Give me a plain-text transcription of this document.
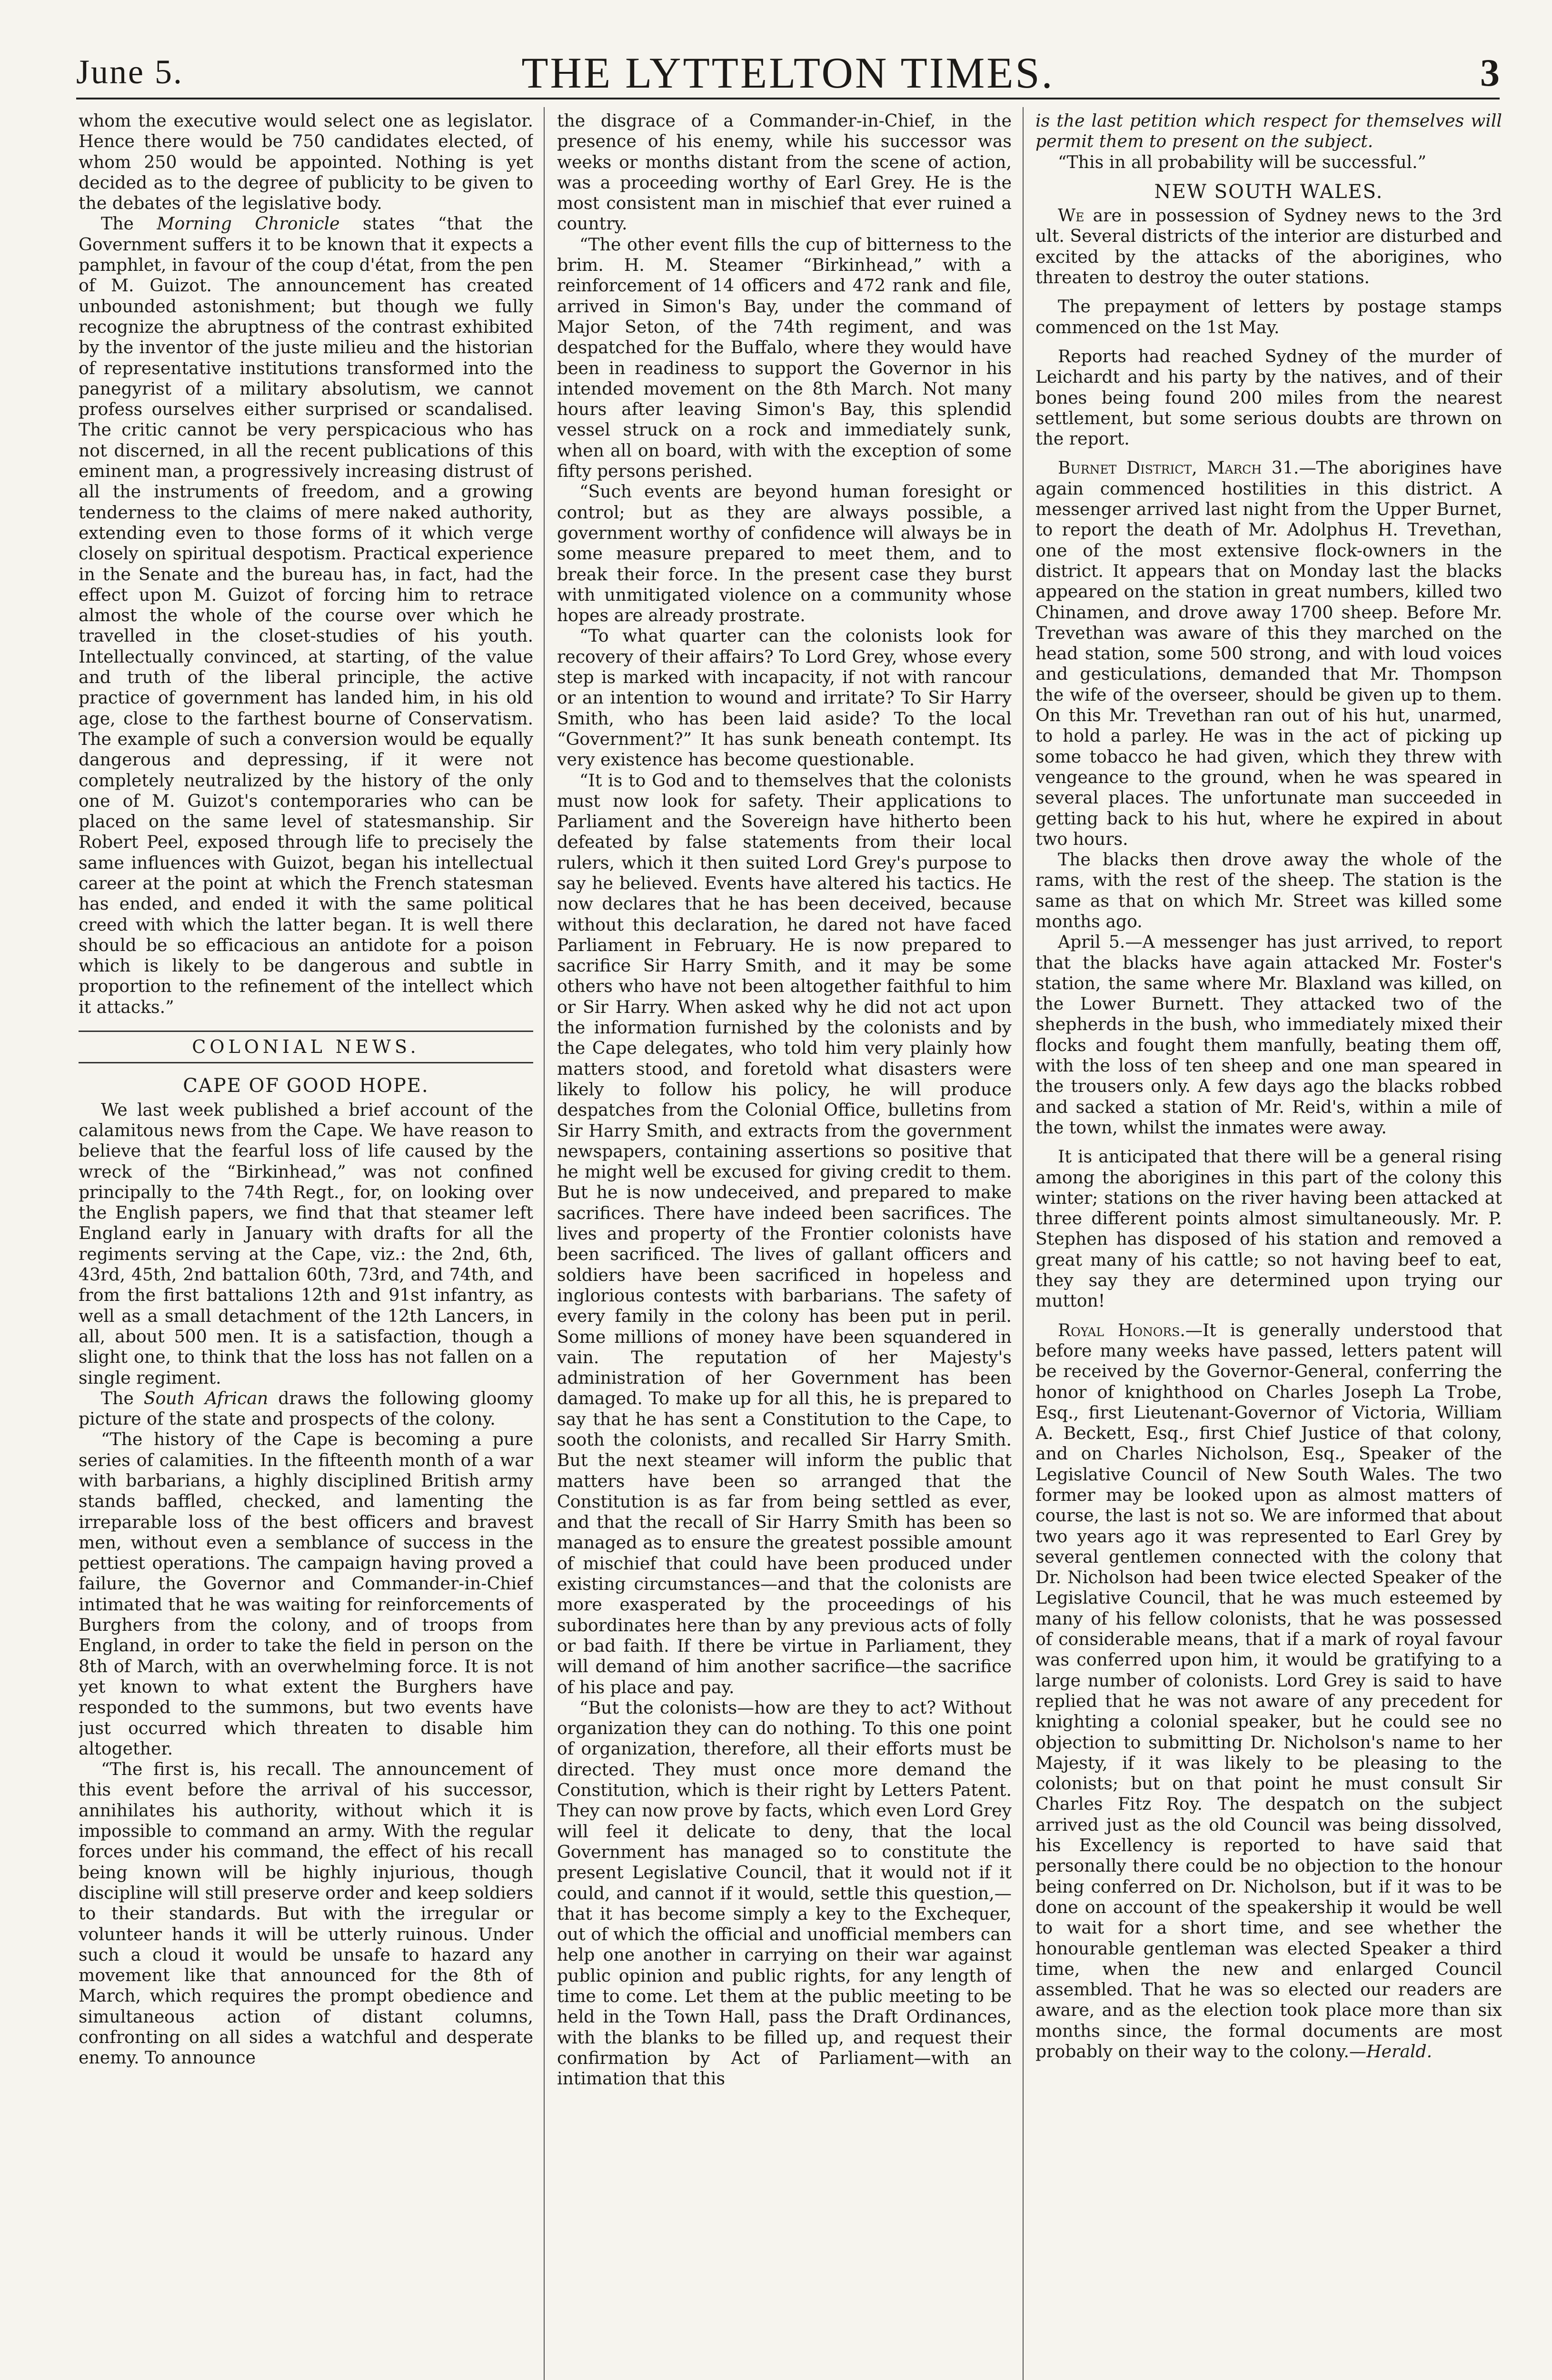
June 5.	THE LYTTELTON TIMES.	3

whom the executive would select one as legislator. Hence there would be 750 candidates elected, of whom 250 would be appointed. Nothing is yet decided as to the degree of publicity to be given to the debates of the legislative body.

The Morning Chronicle states “that the Government suffers it to be known that it expects a pamphlet, in favour of the coup d'état, from the pen of M. Guizot. The announcement has created unbounded astonishment; but though we fully recognize the abruptness of the contrast exhibited by the inventor of the juste milieu and the historian of representative institutions transformed into the panegyrist of a military absolutism, we cannot profess ourselves either surprised or scandalised. The critic cannot be very perspicacious who has not discerned, in all the recent publications of this eminent man, a progressively increasing distrust of all the instruments of freedom, and a growing tenderness to the claims of mere naked authority, extending even to those forms of it which verge closely on spiritual despotism. Practical experience in the Senate and the bureau has, in fact, had the effect upon M. Guizot of forcing him to retrace almost the whole of the course over which he travelled in the closet-studies of his youth. Intellectually convinced, at starting, of the value and truth of the liberal principle, the active practice of government has landed him, in his old age, close to the farthest bourne of Conservatism. The example of such a conversion would be equally dangerous and depressing, if it were not completely neutralized by the history of the only one of M. Guizot's contemporaries who can be placed on the same level of statesmanship. Sir Robert Peel, exposed through life to precisely the same influences with Guizot, began his intellectual career at the point at which the French statesman has ended, and ended it with the same political creed with which the latter began. It is well there should be so efficacious an antidote for a poison which is likely to be dangerous and subtle in proportion to the refinement of the intellect which it attacks.”

COLONIAL NEWS.
CAPE OF GOOD HOPE.

We last week published a brief account of the calamitous news from the Cape. We have reason to believe that the fearful loss of life caused by the wreck of the “Birkinhead,” was not confined principally to the 74th Regt., for, on looking over the English papers, we find that that steamer left England early in January with drafts for all the regiments serving at the Cape, viz.: the 2nd, 6th, 43rd, 45th, 2nd battalion 60th, 73rd, and 74th, and from the first battalions 12th and 91st infantry, as well as a small detachment of the 12th Lancers, in all, about 500 men. It is a satisfaction, though a slight one, to think that the loss has not fallen on a single regiment.

The South African draws the following gloomy picture of the state and prospects of the colony.

“The history of the Cape is becoming a pure series of calamities. In the fifteenth month of a war with barbarians, a highly disciplined British army stands baffled, checked, and lamenting the irreparable loss of the best officers and bravest men, without even a semblance of success in the pettiest operations. The campaign having proved a failure, the Governor and Commander-in-Chief intimated that he was waiting for reinforcements of Burghers from the colony, and of troops from England, in order to take the field in person on the 8th of March, with an overwhelming force. It is not yet known to what extent the Burghers have responded to the summons, but two events have just occurred which threaten to disable him altogether.

“The first is, his recall. The announcement of this event before the arrival of his successor, annihilates his authority, without which it is impossible to command an army. With the regular forces under his command, the effect of his recall being known will be highly injurious, though discipline will still preserve order and keep soldiers to their standards. But with the irregular or volunteer hands it will be utterly ruinous. Under such a cloud it would be unsafe to hazard any movement like that announced for the 8th of March, which requires the prompt obedience and simultaneous action of distant columns, confronting on all sides a watchful and desperate enemy. To announce

the disgrace of a Commander-in-Chief, in the presence of his enemy, while his successor was weeks or months distant from the scene of action, was a proceeding worthy of Earl Grey. He is the most consistent man in mischief that ever ruined a country.

“The other event fills the cup of bitterness to the brim. H. M. Steamer “Birkinhead,” with a reinforcement of 14 officers and 472 rank and file, arrived in Simon's Bay, under the command of Major Seton, of the 74th regiment, and was despatched for the Buffalo, where they would have been in readiness to support the Governor in his intended movement on the 8th March. Not many hours after leaving Simon's Bay, this splendid vessel struck on a rock and immediately sunk, when all on board, with with the exception of some fifty persons perished.

“Such events are beyond human foresight or control; but as they are always possible, a government worthy of confidence will always be in some measure prepared to meet them, and to break their force. In the present case they burst with unmitigated violence on a community whose hopes are already prostrate.

“To what quarter can the colonists look for recovery of their affairs? To Lord Grey, whose every step is marked with incapacity, if not with rancour or an intention to wound and irritate? To Sir Harry Smith, who has been laid aside? To the local “Government?” It has sunk beneath contempt. Its very existence has become questionable.

“It is to God and to themselves that the colonists must now look for safety. Their applications to Parliament and the Sovereign have hitherto been defeated by false statements from their local rulers, which it then suited Lord Grey's purpose to say he believed. Events have altered his tactics. He now declares that he has been deceived, because without this declaration, he dared not have faced Parliament in February. He is now prepared to sacrifice Sir Harry Smith, and it may be some others who have not been altogether faithful to him or Sir Harry. When asked why he did not act upon the information furnished by the colonists and by the Cape delegates, who told him very plainly how matters stood, and foretold what disasters were likely to follow his policy, he will produce despatches from the Colonial Office, bulletins from Sir Harry Smith, and extracts from the government newspapers, containing assertions so positive that he might well be excused for giving credit to them. But he is now undeceived, and prepared to make sacrifices. There have indeed been sacrifices. The lives and property of the Frontier colonists have been sacrificed. The lives of gallant officers and soldiers have been sacrificed in hopeless and inglorious contests with barbarians. The safety of every family in the colony has been put in peril. Some millions of money have been squandered in vain. The reputation of her Majesty's administration of her Government has been damaged. To make up for all this, he is prepared to say that he has sent a Constitution to the Cape, to sooth the colonists, and recalled Sir Harry Smith. But the next steamer will inform the public that matters have been so arranged that the Constitution is as far from being settled as ever, and that the recall of Sir Harry Smith has been so managed as to ensure the greatest possible amount of mischief that could have been produced under existing circumstances—and that the colonists are more exasperated by the proceedings of his subordinates here than by any previous acts of folly or bad faith. If there be virtue in Parliament, they will demand of him another sacrifice—the sacrifice of his place and pay.

“But the colonists—how are they to act? Without organization they can do nothing. To this one point of organization, therefore, all their efforts must be directed. They must once more demand the Constitution, which is their right by Letters Patent. They can now prove by facts, which even Lord Grey will feel it delicate to deny, that the local Government has managed so to constitute the present Legislative Council, that it would not if it could, and cannot if it would, settle this question,—that it has become simply a key to the Exchequer, out of which the official and unofficial members can help one another in carrying on their war against public opinion and public rights, for any length of time to come. Let them at the public meeting to be held in the Town Hall, pass the Draft Ordinances, with the blanks to be filled up, and request their confirmation by Act of Parliament—with an intimation that this

is the last petition which respect for themselves will permit them to present on the subject.

“This in all probability will be successful.”

NEW SOUTH WALES.

We are in possession of Sydney news to the 3rd ult. Several districts of the interior are disturbed and excited by the attacks of the aborigines, who threaten to destroy the outer stations.

The prepayment of letters by postage stamps commenced on the 1st May.

Reports had reached Sydney of the murder of Leichardt and his party by the natives, and of their bones being found 200 miles from the nearest settlement, but some serious doubts are thrown on the report.

Burnet District, March 31.—The aborigines have again commenced hostilities in this district. A messenger arrived last night from the Upper Burnet, to report the death of Mr. Adolphus H. Trevethan, one of the most extensive flock-owners in the district. It appears that on Monday last the blacks appeared on the station in great numbers, killed two Chinamen, and drove away 1700 sheep. Before Mr. Trevethan was aware of this they marched on the head station, some 500 strong, and with loud voices and gesticulations, demanded that Mr. Thompson the wife of the overseer, should be given up to them. On this Mr. Trevethan ran out of his hut, unarmed, to hold a parley. He was in the act of picking up some tobacco he had given, which they threw with vengeance to the ground, when he was speared in several places. The unfortunate man succeeded in getting back to his hut, where he expired in about two hours.

The blacks then drove away the whole of the rams, with the rest of the sheep. The station is the same as that on which Mr. Street was killed some months ago.

April 5.—A messenger has just arrived, to report that the blacks have again attacked Mr. Foster's station, the same where Mr. Blaxland was killed, on the Lower Burnett. They attacked two of the shepherds in the bush, who immediately mixed their flocks and fought them manfully, beating them off, with the loss of ten sheep and one man speared in the trousers only. A few days ago the blacks robbed and sacked a station of Mr. Reid's, within a mile of the town, whilst the inmates were away.

It is anticipated that there will be a general rising among the aborigines in this part of the colony this winter; stations on the river having been attacked at three different points almost simultaneously. Mr. P. Stephen has disposed of his station and removed a great many of his cattle; so not having beef to eat, they say they are determined upon trying our mutton!

Royal Honors.—It is generally understood that before many weeks have passed, letters patent will be received by the Governor-General, conferring the honor of knighthood on Charles Joseph La Trobe, Esq., first Lieutenant-Governor of Victoria, William A. Beckett, Esq., first Chief Justice of that colony, and on Charles Nicholson, Esq., Speaker of the Legislative Council of New South Wales. The two former may be looked upon as almost matters of course, the last is not so. We are informed that about two years ago it was represented to Earl Grey by several gentlemen connected with the colony that Dr. Nicholson had been twice elected Speaker of the Legislative Council, that he was much esteemed by many of his fellow colonists, that he was possessed of considerable means, that if a mark of royal favour was conferred upon him, it would be gratifying to a large number of colonists. Lord Grey is said to have replied that he was not aware of any precedent for knighting a colonial speaker, but he could see no objection to submitting Dr. Nicholson's name to her Majesty, if it was likely to be pleasing to the colonists; but on that point he must consult Sir Charles Fitz Roy. The despatch on the subject arrived just as the old Council was being dissolved, his Excellency is reported to have said that personally there could be no objection to the honour being conferred on Dr. Nicholson, but if it was to be done on account of the speakership it would be well to wait for a short time, and see whether the honourable gentleman was elected Speaker a third time, when the new and enlarged Council assembled. That he was so elected our readers are aware, and as the election took place more than six months since, the formal documents are most probably on their way to the colony.—Herald.
